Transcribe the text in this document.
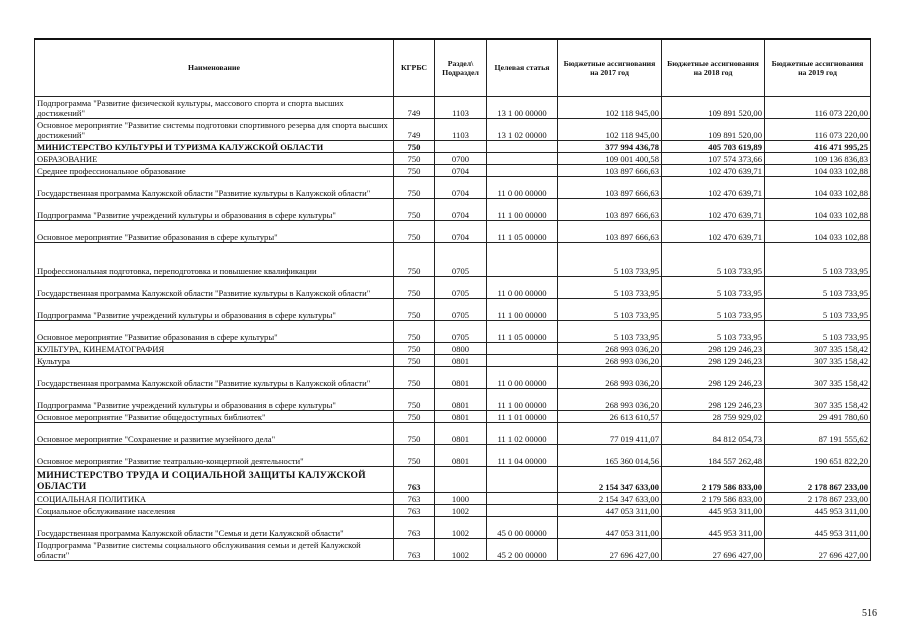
Наименование	КГРБС	Раздел\ Подраздел	Целевая статья	Бюджетные ассигнования на 2017 год	Бюджетные ассигнования на 2018 год	Бюджетные ассигнования на 2019 год
Подпрограмма "Развитие физической культуры, массового спорта и спорта высших достижений"	749	1103	13 1 00 00000	102 118 945,00	109 891 520,00	116 073 220,00
Основное мероприятие "Развитие системы подготовки спортивного резерва для спорта высших достижений"	749	1103	13 1 02 00000	102 118 945,00	109 891 520,00	116 073 220,00
МИНИСТЕРСТВО КУЛЬТУРЫ И ТУРИЗМА КАЛУЖСКОЙ ОБЛАСТИ	750			377 994 436,78	405 703 619,89	416 471 995,25
ОБРАЗОВАНИЕ	750	0700		109 001 400,58	107 574 373,66	109 136 836,83
Среднее профессиональное образование	750	0704		103 897 666,63	102 470 639,71	104 033 102,88
Государственная программа Калужской области "Развитие культуры в Калужской области"	750	0704	11 0 00 00000	103 897 666,63	102 470 639,71	104 033 102,88
Подпрограмма "Развитие учреждений культуры и образования в сфере культуры"	750	0704	11 1 00 00000	103 897 666,63	102 470 639,71	104 033 102,88
Основное мероприятие "Развитие образования в сфере культуры"	750	0704	11 1 05 00000	103 897 666,63	102 470 639,71	104 033 102,88
Профессиональная подготовка, переподготовка и повышение квалификации	750	0705		5 103 733,95	5 103 733,95	5 103 733,95
Государственная программа Калужской области "Развитие культуры в Калужской области"	750	0705	11 0 00 00000	5 103 733,95	5 103 733,95	5 103 733,95
Подпрограмма "Развитие учреждений культуры и образования в сфере культуры"	750	0705	11 1 00 00000	5 103 733,95	5 103 733,95	5 103 733,95
Основное мероприятие "Развитие образования в сфере культуры"	750	0705	11 1 05 00000	5 103 733,95	5 103 733,95	5 103 733,95
КУЛЬТУРА, КИНЕМАТОГРАФИЯ	750	0800		268 993 036,20	298 129 246,23	307 335 158,42
Культура	750	0801		268 993 036,20	298 129 246,23	307 335 158,42
Государственная программа Калужской области "Развитие культуры в Калужской области"	750	0801	11 0 00 00000	268 993 036,20	298 129 246,23	307 335 158,42
Подпрограмма "Развитие учреждений культуры и образования в сфере культуры"	750	0801	11 1 00 00000	268 993 036,20	298 129 246,23	307 335 158,42
Основное мероприятие "Развитие общедоступных библиотек"	750	0801	11 1 01 00000	26 613 610,57	28 759 929,02	29 491 780,60
Основное мероприятие "Сохранение и развитие музейного дела"	750	0801	11 1 02 00000	77 019 411,07	84 812 054,73	87 191 555,62
Основное мероприятие "Развитие театрально-концертной деятельности"	750	0801	11 1 04 00000	165 360 014,56	184 557 262,48	190 651 822,20
МИНИСТЕРСТВО ТРУДА И СОЦИАЛЬНОЙ ЗАЩИТЫ КАЛУЖСКОЙ ОБЛАСТИ	763			2 154 347 633,00	2 179 586 833,00	2 178 867 233,00
СОЦИАЛЬНАЯ ПОЛИТИКА	763	1000		2 154 347 633,00	2 179 586 833,00	2 178 867 233,00
Социальное обслуживание населения	763	1002		447 053 311,00	445 953 311,00	445 953 311,00
Государственная программа Калужской области "Семья и дети Калужской области"	763	1002	45 0 00 00000	447 053 311,00	445 953 311,00	445 953 311,00
Подпрограмма "Развитие системы социального обслуживания семьи и детей Калужской области"	763	1002	45 2 00 00000	27 696 427,00	27 696 427,00	27 696 427,00
516
